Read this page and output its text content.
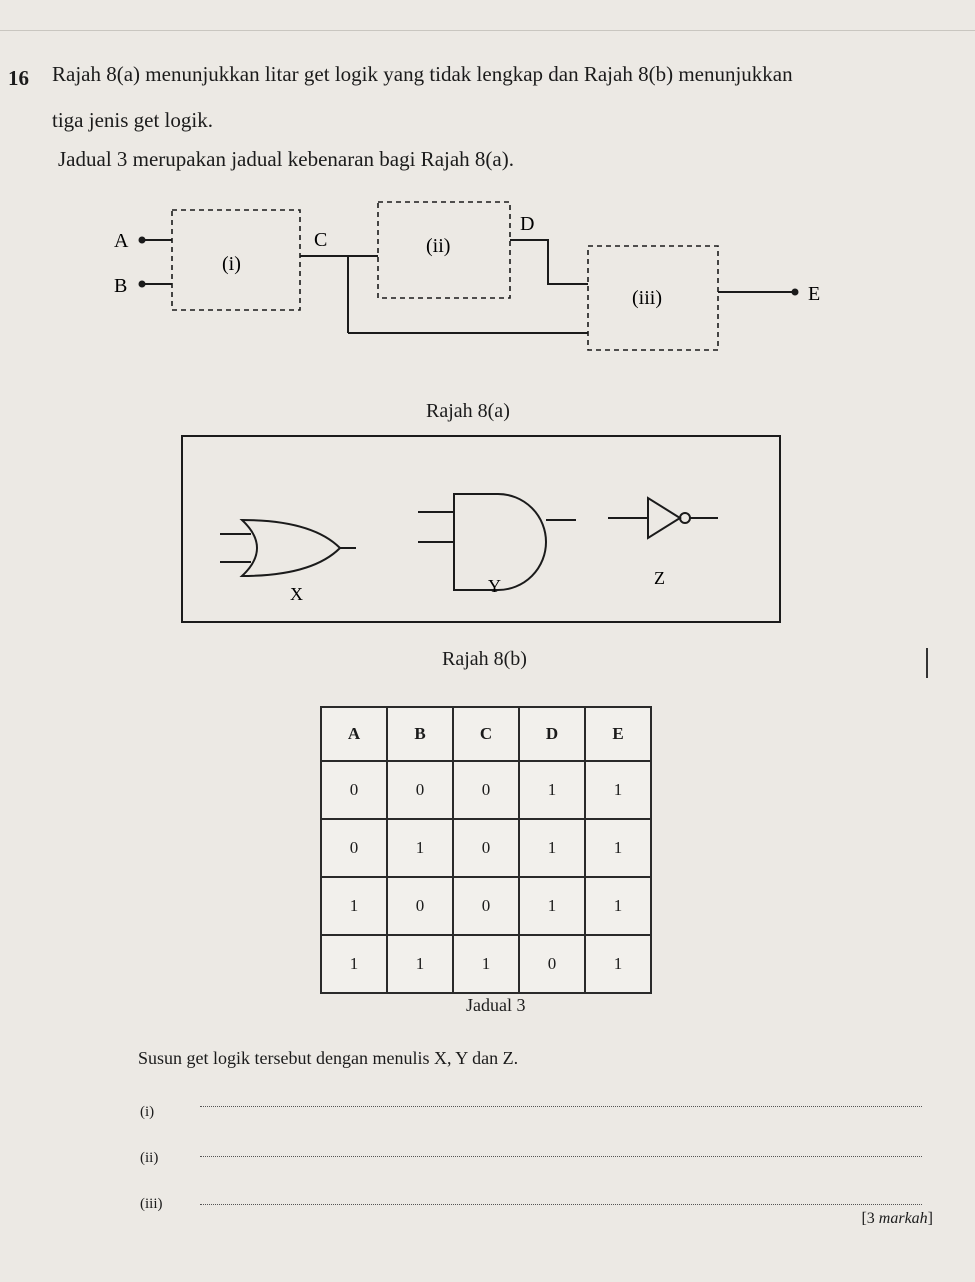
16 Rajah 8(a) menunjukkan litar get logik yang tidak lengkap dan Rajah 8(b) menunjukkan
tiga jenis get logik.
Jadual 3 merupakan jadual kebenaran bagi Rajah 8(a).
A
B
C
D
E
(i)
(ii)
(iii)
Rajah 8(a)
X	Y	Z
Rajah 8(b)
A	B	C	D	E
0	0	0	1	1
0	1	0	1	1
1	0	0	1	1
1	1	1	0	1
Jadual 3
Susun get logik tersebut dengan menulis X, Y dan Z.
(i)
(ii)
(iii)
[3 markah]
